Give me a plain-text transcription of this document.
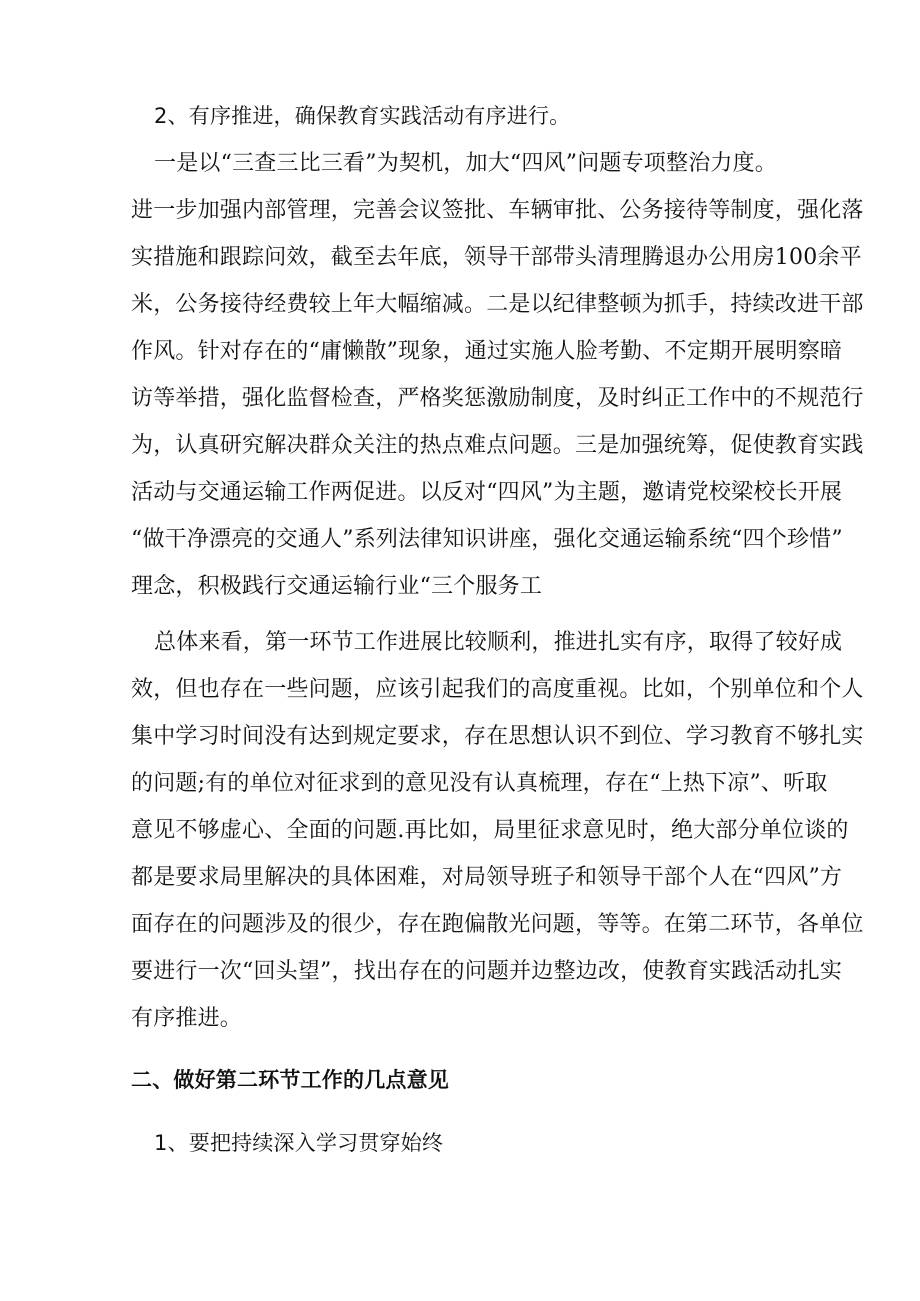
2、有序推进，确保教育实践活动有序进行。
一是以“三查三比三看”为契机，加大“四风”问题专项整治力度。
进一步加强内部管理，完善会议签批、车辆审批、公务接待等制度，强化落
实措施和跟踪问效，截至去年底，领导干部带头清理腾退办公用房100余平
米，公务接待经费较上年大幅缩减。二是以纪律整顿为抓手，持续改进干部
作风。针对存在的“庸懒散”现象，通过实施人脸考勤、不定期开展明察暗
访等举措，强化监督检查，严格奖惩激励制度，及时纠正工作中的不规范行
为，认真研究解决群众关注的热点难点问题。三是加强统筹，促使教育实践
活动与交通运输工作两促进。以反对“四风”为主题，邀请党校梁校长开展
“做干净漂亮的交通人”系列法律知识讲座，强化交通运输系统“四个珍惜”
理念，积极践行交通运输行业“三个服务工
总体来看，第一环节工作进展比较顺利，推进扎实有序，取得了较好成
效，但也存在一些问题，应该引起我们的高度重视。比如，个别单位和个人
集中学习时间没有达到规定要求，存在思想认识不到位、学习教育不够扎实
的问题;有的单位对征求到的意见没有认真梳理，存在“上热下凉”、听取
意见不够虚心、全面的问题.再比如，局里征求意见时，绝大部分单位谈的
都是要求局里解决的具体困难，对局领导班子和领导干部个人在“四风”方
面存在的问题涉及的很少，存在跑偏散光问题，等等。在第二环节，各单位
要进行一次“回头望”，找出存在的问题并边整边改，使教育实践活动扎实
有序推进。
二、做好第二环节工作的几点意见
1、要把持续深入学习贯穿始终
